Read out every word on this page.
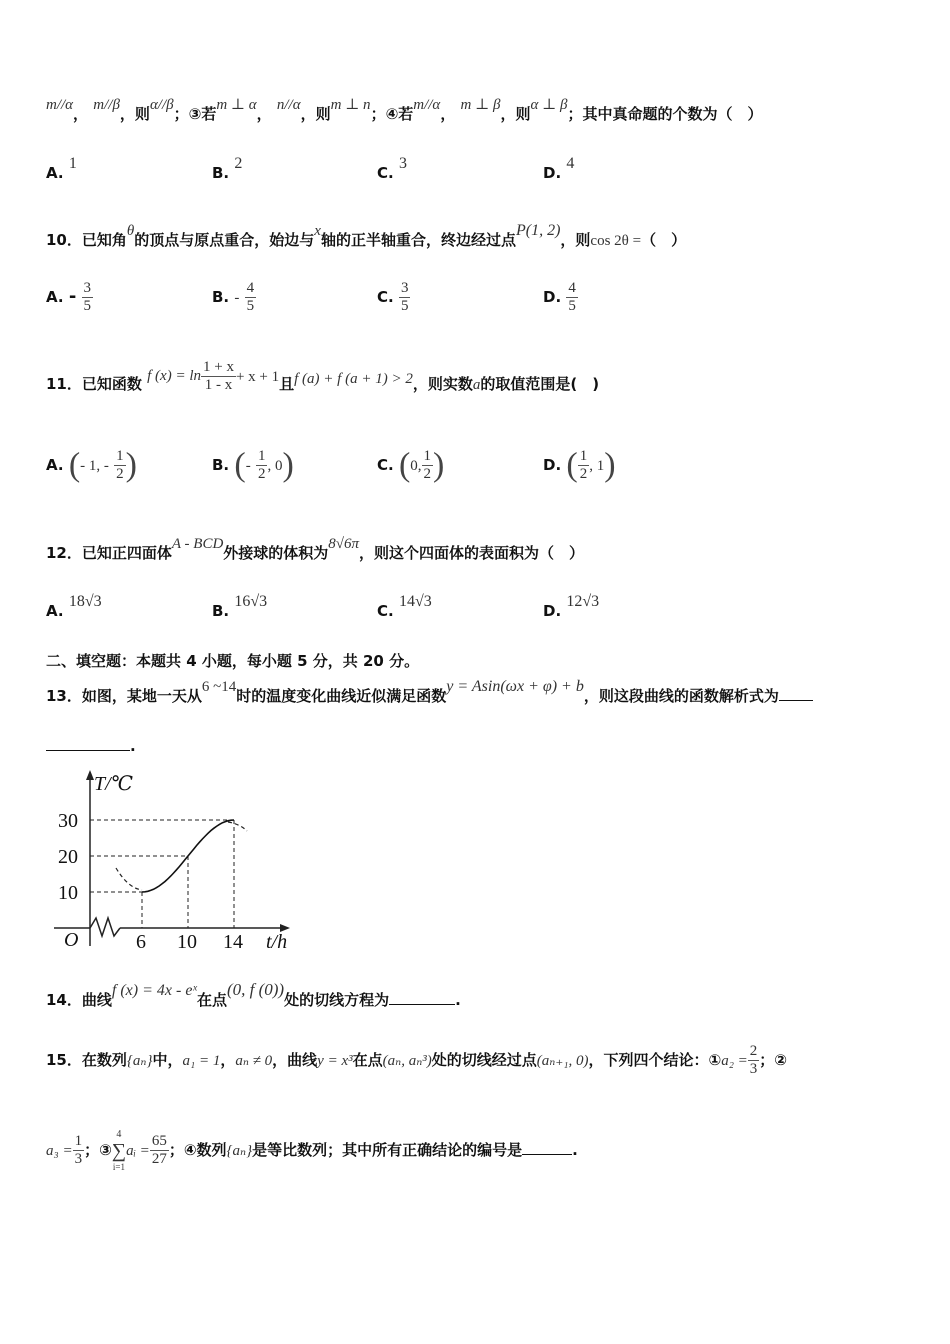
m//α， m//β，则α//β；③若m ⊥ α， n//α，则m ⊥ n；④若m//α， m ⊥ β，则α ⊥ β；其中真命题的个数为（　）
A. 1
B. 2
C. 3
D. 4
10．已知角θ的顶点与原点重合，始边与x轴的正半轴重合，终边经过点P(1, 2)，则cos 2θ =（　）
A. - $\frac{3}{5}$	B. - $\frac{4}{5}$	C. $\frac{3}{5}$	D. $\frac{4}{5}$
11．已知函数 f $(x) = \ln \frac{1 + x}{1 - x} + x + 1$且f (a) + f (a + 1) > 2，则实数a的取值范围是(　)
A. (- 1, - $\frac{1}{2}$ )	B. (- $\frac{1}{2}$ , 0)	C. (0, $\frac{1}{2}$ )	D. ( $\frac{1}{2}$ , 1)
12．已知正四面体A - BCD外接球的体积为8√6π，则这个四面体的表面积为（　）
A. 18√3
B. 16√3
C. 14√3
D. 12√3
二、填空题：本题共 4 小题，每小题 5 分，共 20 分。
13．如图，某地一天从6 ~14时的温度变化曲线近似满足函数y = Asin(ωx + φ) + b，则这段曲线的函数解析式为
.
10
20
30
6 10 14
T/℃
t/h
O
14．曲线f (x) = 4x - eˣ在点(0, f (0))处的切线方程为	.
15．在数列{aₙ}中，a₁ = 1，aₙ ≠ 0，曲线y = x³在点(aₙ, aₙ³)处的切线经过点(aₙ₊₁, 0)，下列四个结论：①a₂ = $\frac{2}{3}$ ；②
$a_3 = \frac{1}{3}$ ；③
4
∑
i=1
aᵢ = $\frac{65}{27}$ ；④数列{aₙ}是等比数列；其中所有正确结论的编号是	.
